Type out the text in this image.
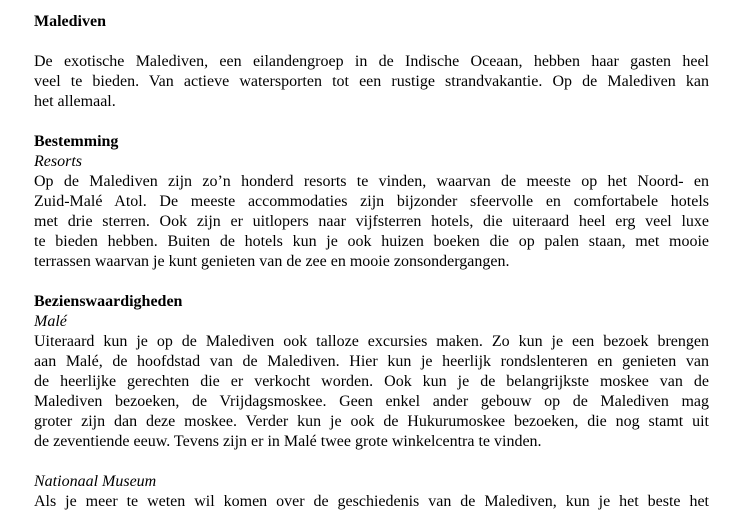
Malediven

De exotische Malediven, een eilandengroep in de Indische Oceaan, hebben haar gasten heel
veel te bieden. Van actieve watersporten tot een rustige strandvakantie. Op de Malediven kan
het allemaal.

Bestemming

Resorts

Op de Malediven zijn zo’n honderd resorts te vinden, waarvan de meeste op het Noord- en
Zuid-Malé Atol. De meeste accommodaties zijn bijzonder sfeervolle en comfortabele hotels
met drie sterren. Ook zijn er uitlopers naar vijfsterren hotels, die uiteraard heel erg veel luxe
te bieden hebben. Buiten de hotels kun je ook huizen boeken die op palen staan, met mooie
terrassen waarvan je kunt genieten van de zee en mooie zonsondergangen.

Bezienswaardigheden

Malé

Uiteraard kun je op de Malediven ook talloze excursies maken. Zo kun je een bezoek brengen
aan Malé, de hoofdstad van de Malediven. Hier kun je heerlijk rondslenteren en genieten van
de heerlijke gerechten die er verkocht worden. Ook kun je de belangrijkste moskee van de
Malediven bezoeken, de Vrijdagsmoskee. Geen enkel ander gebouw op de Malediven mag
groter zijn dan deze moskee. Verder kun je ook de Hukurumoskee bezoeken, die nog stamt uit
de zeventiende eeuw. Tevens zijn er in Malé twee grote winkelcentra te vinden.

Nationaal Museum

Als je meer te weten wil komen over de geschiedenis van de Malediven, kun je het beste het
